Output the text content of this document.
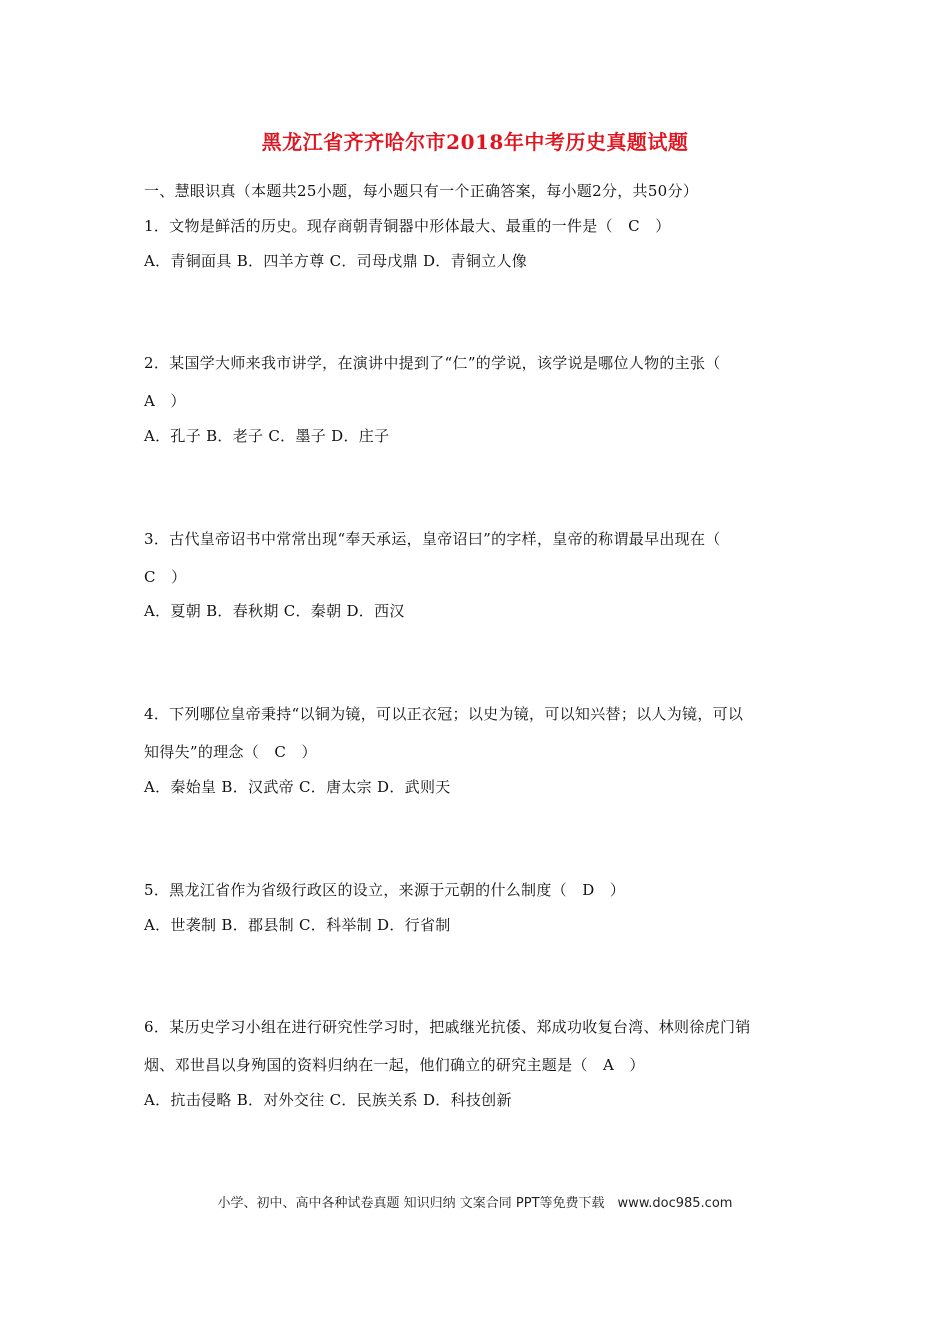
黑龙江省齐齐哈尔市2018年中考历史真题试题
一、慧眼识真（本题共25小题，每小题只有一个正确答案，每小题2分，共50分）
1．文物是鲜活的历史。现存商朝青铜器中形体最大、最重的一件是（　C　）
A．青铜面具 B．四羊方尊 C．司母戊鼎 D．青铜立人像
2．某国学大师来我市讲学，在演讲中提到了“仁”的学说，该学说是哪位人物的主张（
A　）
A．孔子 B．老子 C．墨子 D．庄子
3．古代皇帝诏书中常常出现“奉天承运，皇帝诏曰”的字样，皇帝的称谓最早出现在（
C　）
A．夏朝 B．春秋期 C．秦朝 D．西汉
4．下列哪位皇帝秉持“以铜为镜，可以正衣冠；以史为镜，可以知兴替；以人为镜，可以
知得失”的理念（　C　）
A．秦始皇 B．汉武帝 C．唐太宗 D．武则天
5．黑龙江省作为省级行政区的设立，来源于元朝的什么制度（　D　）
A．世袭制 B．郡县制 C．科举制 D．行省制
6．某历史学习小组在进行研究性学习时，把戚继光抗倭、郑成功收复台湾、林则徐虎门销
烟、邓世昌以身殉国的资料归纳在一起，他们确立的研究主题是（　A　）
A．抗击侵略 B．对外交往 C．民族关系 D．科技创新
小学、初中、高中各种试卷真题 知识归纳 文案合同 PPT等免费下载　www.doc985.com
